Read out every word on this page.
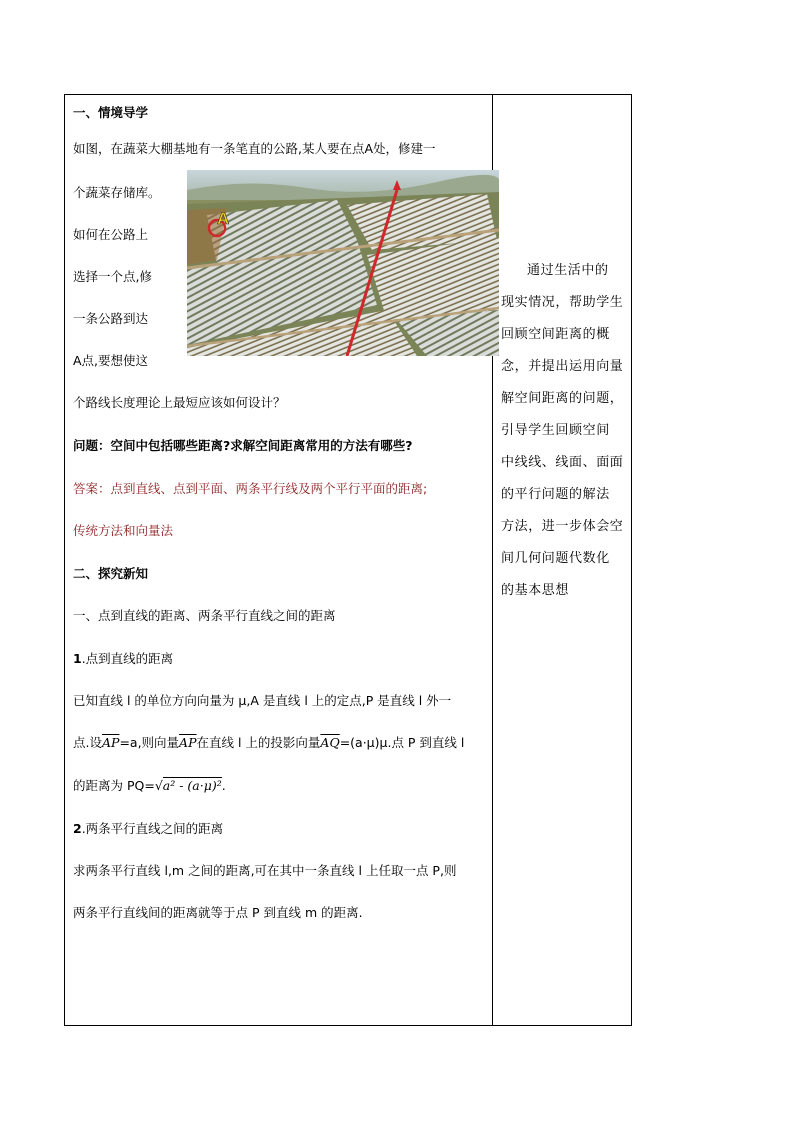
一、情境导学
如图，在蔬菜大棚基地有一条笔直的公路,某人要在点A处，修建一
个蔬菜存储库。
如何在公路上
选择一个点,修
一条公路到达
A点,要想使这
A
个路线长度理论上最短应该如何设计？
问题：空间中包括哪些距离?求解空间距离常用的方法有哪些?
答案：点到直线、点到平面、两条平行线及两个平行平面的距离;
传统方法和向量法
二、探究新知
一、点到直线的距离、两条平行直线之间的距离
1.点到直线的距离
已知直线 l 的单位方向向量为 μ,A 是直线 l 上的定点,P 是直线 l 外一
点.设$\overline{AP}=a$,则向量$\overline{AP}$在直线 l 上的投影向量$\overline{AQ}=(a\cdot\mu)\mu$.点 P 到直线 l
的距离为 PQ=√a² - (a·μ)².
2.两条平行直线之间的距离
求两条平行直线 l,m 之间的距离,可在其中一条直线 l 上任取一点 P,则
两条平行直线间的距离就等于点 P 到直线 m 的距离.
通过生活中的
现实情况，帮助学生
回顾空间距离的概
念，并提出运用向量
解空间距离的问题，
引导学生回顾空间
中线线、线面、面面
的平行问题的解法
方法，进一步体会空
间几何问题代数化
的基本思想
